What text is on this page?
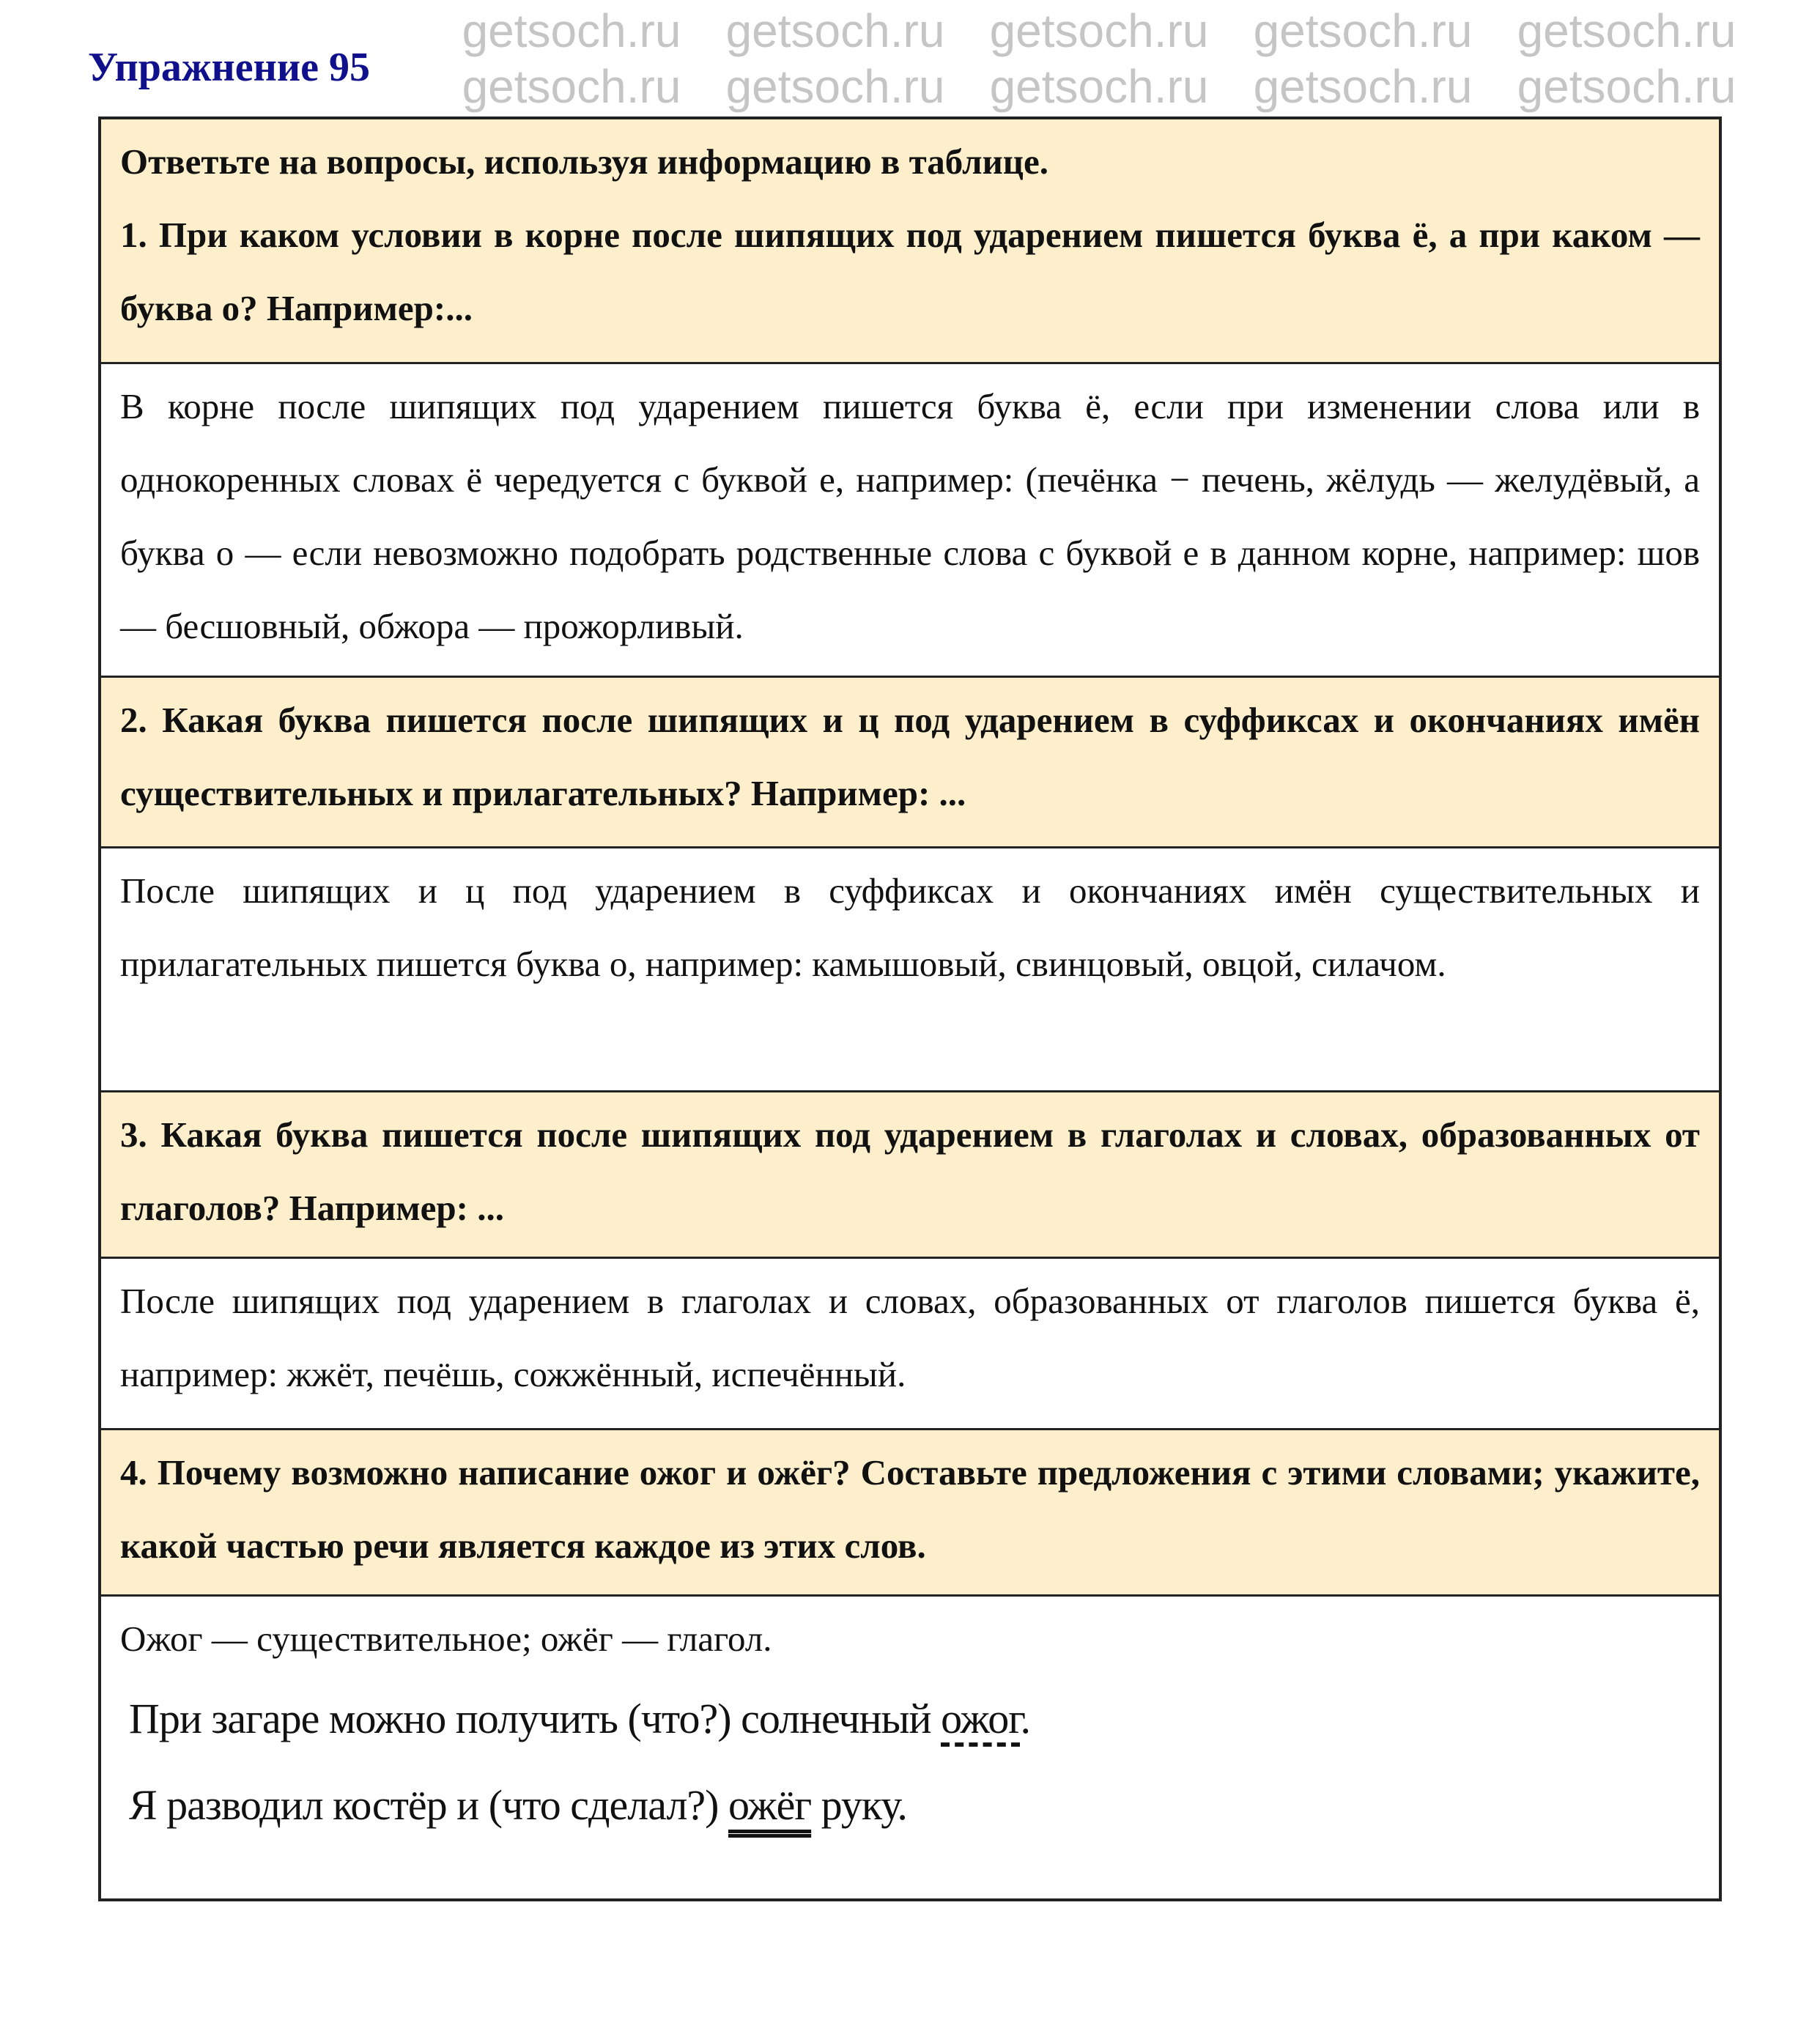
Упражнение 95
Ответьте на вопросы, используя информацию в таблице.
1. При каком условии в корне после шипящих под ударением пишется буква ё, а при каком — буква о? Например:...

В корне после шипящих под ударением пишется буква ё, если при изменении слова или в однокоренных словах ё чередуется с буквой е, например: (печёнка − печень, жёлудь — желудёвый, а буква о — если невозможно подобрать родственные слова с буквой е в данном корне, например: шов — бесшовный, обжора — прожорливый.
2. Какая буква пишется после шипящих и ц под ударением в суффиксах и окончаниях имён существительных и прилагательных? Например: ...
После шипящих и ц под ударением в суффиксах и окончаниях имён существительных и прилагательных пишется буква о, например: камышовый, свинцовый, овцой, силачом.
3. Какая буква пишется после шипящих под ударением в глаголах и словах, образованных от глаголов? Например: ...
После шипящих под ударением в глаголах и словах, образованных от глаголов пишется буква ё, например: жжёт, печёшь, сожжённый, испечённый.
4. Почему возможно написание ожог и ожёг? Составьте предложения с этими словами; укажите, какой частью речи является каждое из этих слов.

Ожог — существительное; ожёг — глагол.
При загаре можно получить (что?) солнечный ожог.
Я разводил костёр и (что сделал?) ожёг руку.
getsoch.ru getsoch.ru getsoch.ru getsoch.ru getsoch.ru
getsoch.ru getsoch.ru getsoch.ru getsoch.ru getsoch.ru
